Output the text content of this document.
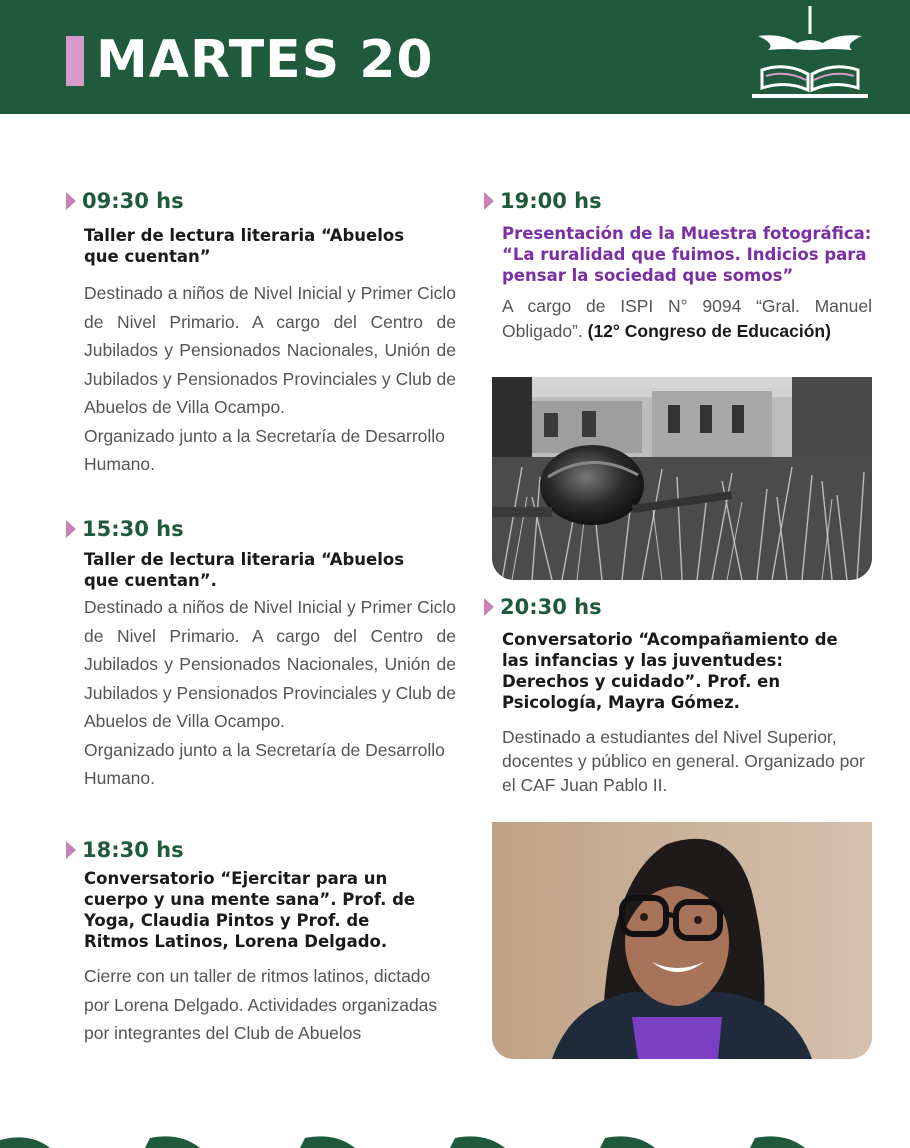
MARTES 20
09:30 hs

Taller de lectura literaria “Abuelos que cuentan”

Destinado a niños de Nivel Inicial y Primer Ciclo de Nivel Primario. A cargo del Centro de Jubilados y Pensionados Nacionales, Unión de Jubilados y Pensionados Provinciales y Club de Abuelos de Villa Ocampo.

Organizado junto a la Secretaría de Desarrollo Humano.

15:30 hs

Taller de lectura literaria “Abuelos que cuentan”.

Destinado a niños de Nivel Inicial y Primer Ciclo de Nivel Primario. A cargo del Centro de Jubilados y Pensionados Nacionales, Unión de Jubilados y Pensionados Provinciales y Club de Abuelos de Villa Ocampo.

Organizado junto a la Secretaría de Desarrollo Humano.

18:30 hs

Conversatorio “Ejercitar para un cuerpo y una mente sana”. Prof. de Yoga, Claudia Pintos y Prof. de Ritmos Latinos, Lorena Delgado.

Cierre con un taller de ritmos latinos, dictado por Lorena Delgado. Actividades organizadas por integrantes del Club de Abuelos

19:00 hs

Presentación de la Muestra fotográfica: “La ruralidad que fuimos. Indicios para pensar la sociedad que somos”

A cargo de ISPI N° 9094 “Gral. Manuel Obligado”. (12° Congreso de Educación)

20:30 hs

Conversatorio “Acompañamiento de las infancias y las juventudes: Derechos y cuidado”. Prof. en Psicología, Mayra Gómez.

Destinado a estudiantes del Nivel Superior, docentes y público en general. Organizado por el CAF Juan Pablo II.
